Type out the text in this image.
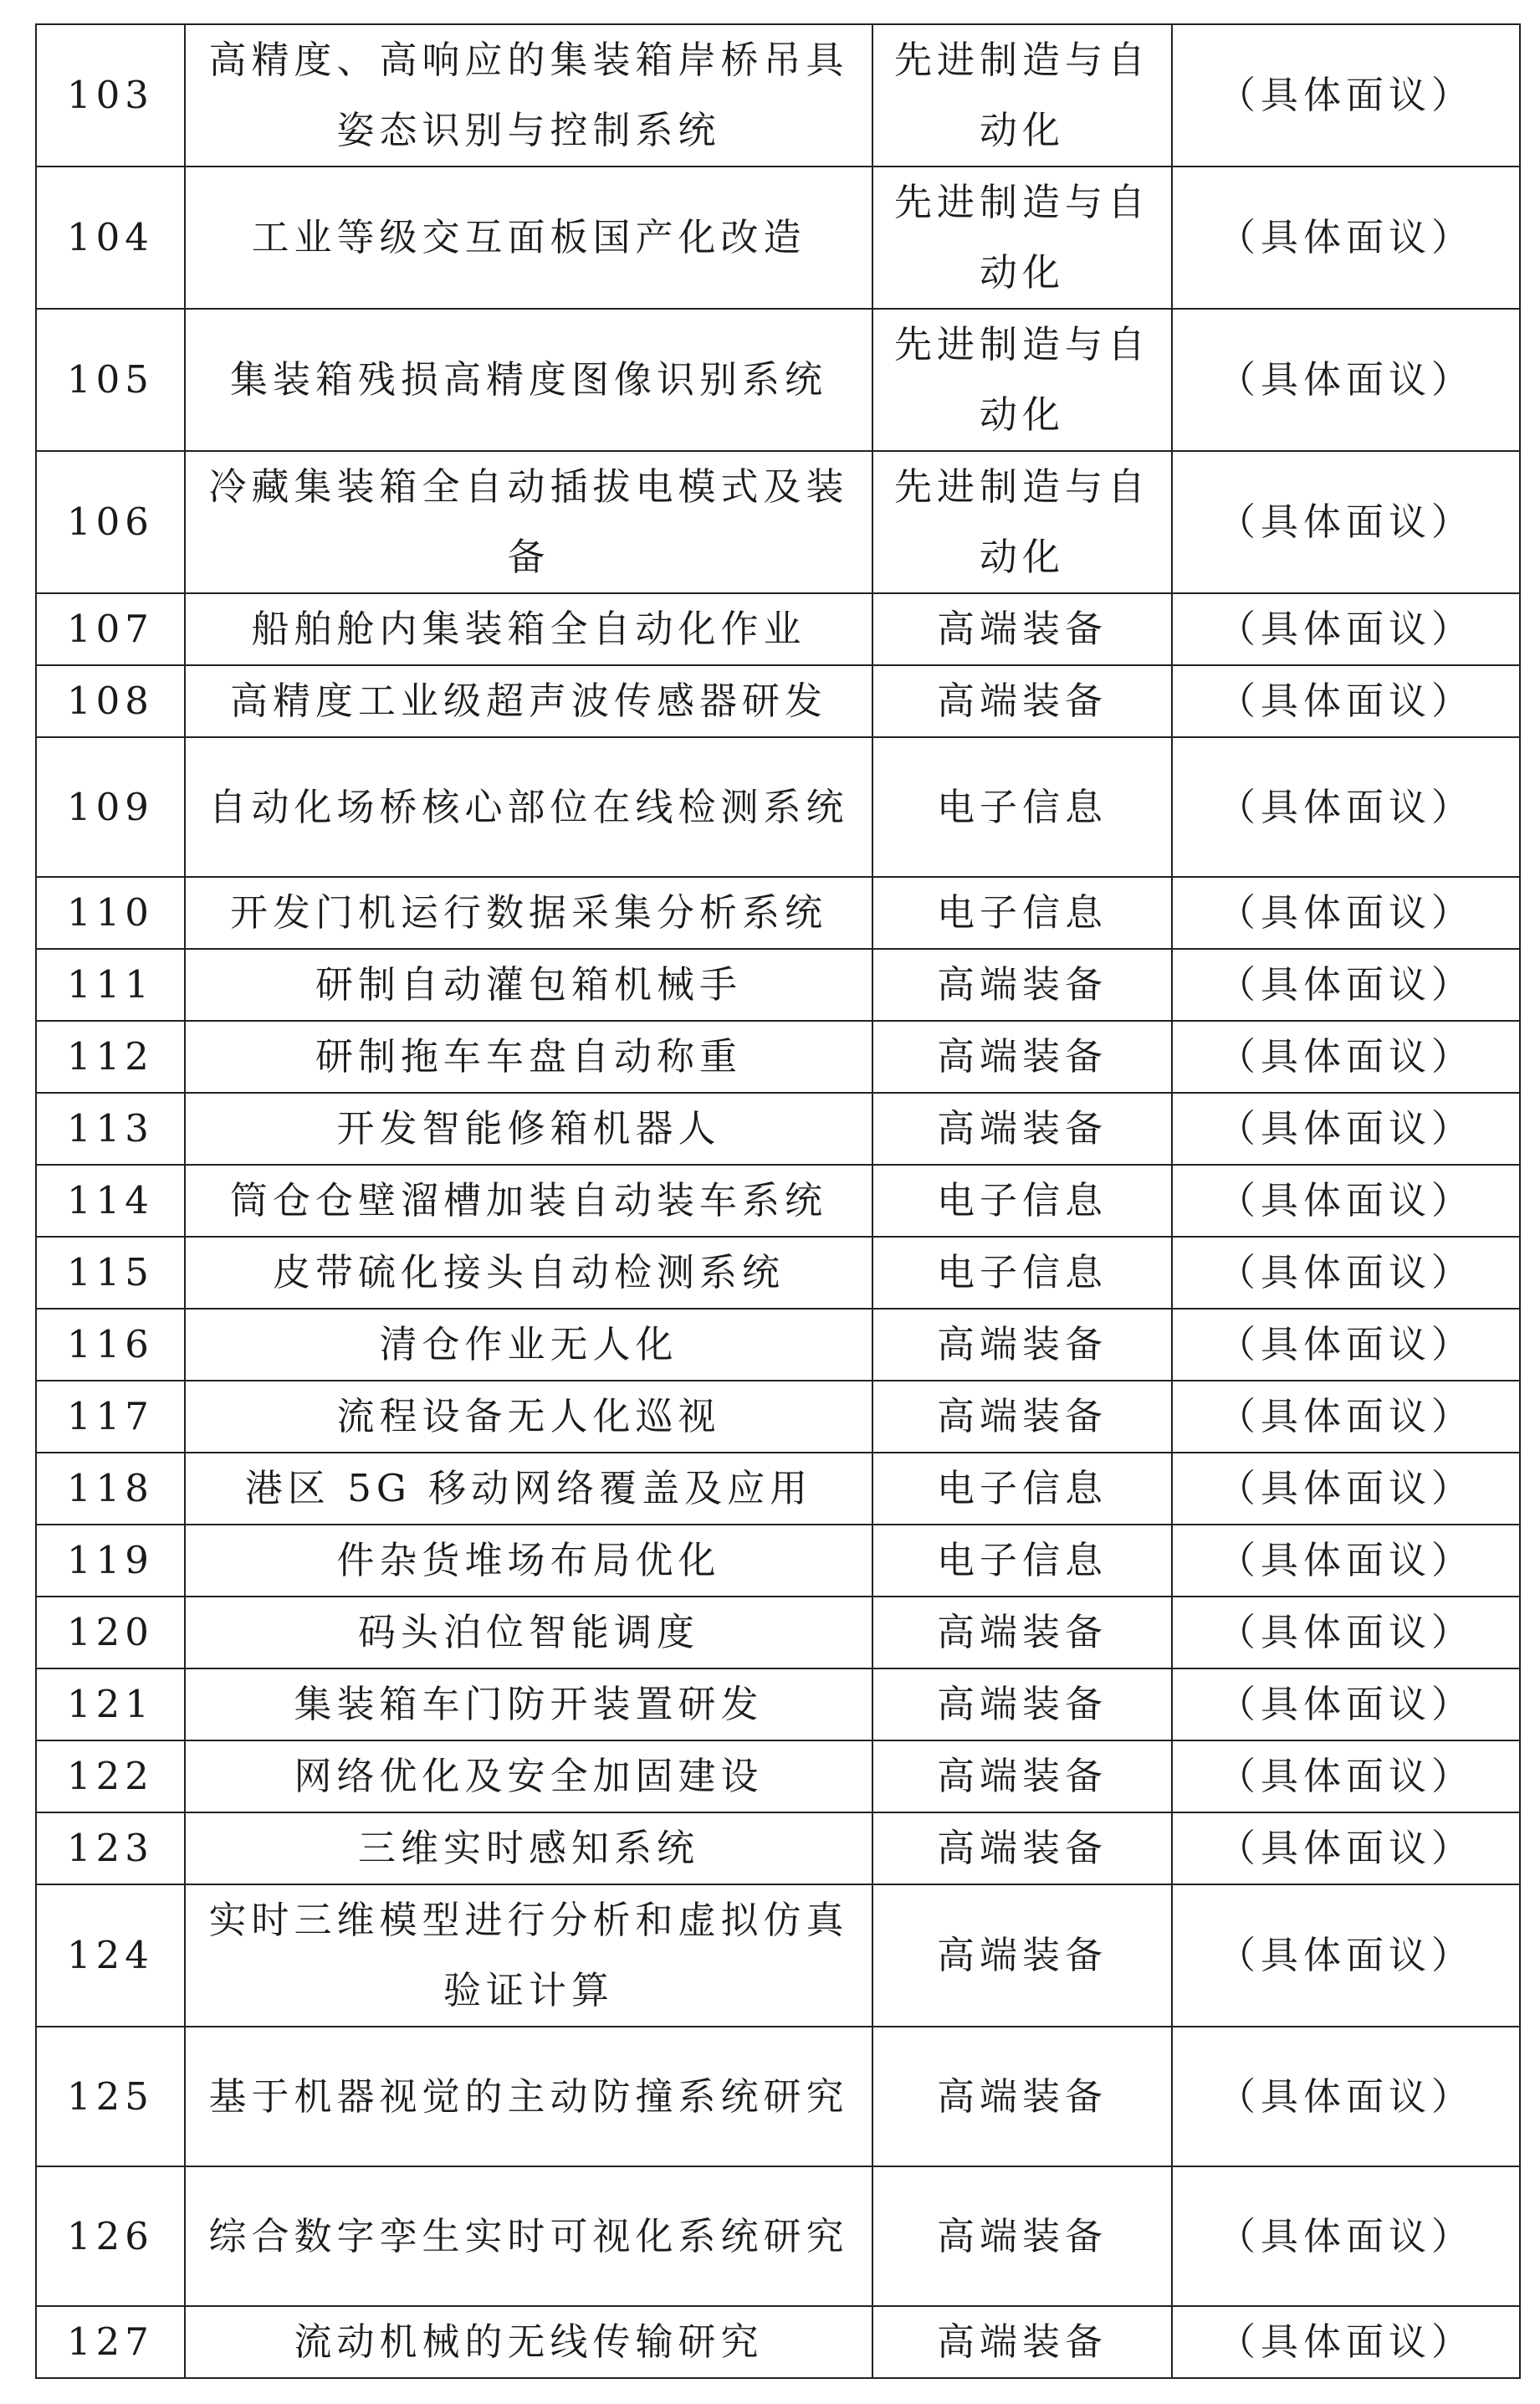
103	高精度、高响应的集装箱岸桥吊具姿态识别与控制系统	先进制造与自动化	（具体面议）
104	工业等级交互面板国产化改造	先进制造与自动化	（具体面议）
105	集装箱残损高精度图像识别系统	先进制造与自动化	（具体面议）
106	冷藏集装箱全自动插拔电模式及装备	先进制造与自动化	（具体面议）
107	船舶舱内集装箱全自动化作业	高端装备	（具体面议）
108	高精度工业级超声波传感器研发	高端装备	（具体面议）
109	自动化场桥核心部位在线检测系统	电子信息	（具体面议）
110	开发门机运行数据采集分析系统	电子信息	（具体面议）
111	研制自动灌包箱机械手	高端装备	（具体面议）
112	研制拖车车盘自动称重	高端装备	（具体面议）
113	开发智能修箱机器人	高端装备	（具体面议）
114	筒仓仓壁溜槽加装自动装车系统	电子信息	（具体面议）
115	皮带硫化接头自动检测系统	电子信息	（具体面议）
116	清仓作业无人化	高端装备	（具体面议）
117	流程设备无人化巡视	高端装备	（具体面议）
118	港区 5G 移动网络覆盖及应用	电子信息	（具体面议）
119	件杂货堆场布局优化	电子信息	（具体面议）
120	码头泊位智能调度	高端装备	（具体面议）
121	集装箱车门防开装置研发	高端装备	（具体面议）
122	网络优化及安全加固建设	高端装备	（具体面议）
123	三维实时感知系统	高端装备	（具体面议）
124	实时三维模型进行分析和虚拟仿真验证计算	高端装备	（具体面议）
125	基于机器视觉的主动防撞系统研究	高端装备	（具体面议）
126	综合数字孪生实时可视化系统研究	高端装备	（具体面议）
127	流动机械的无线传输研究	高端装备	（具体面议）
